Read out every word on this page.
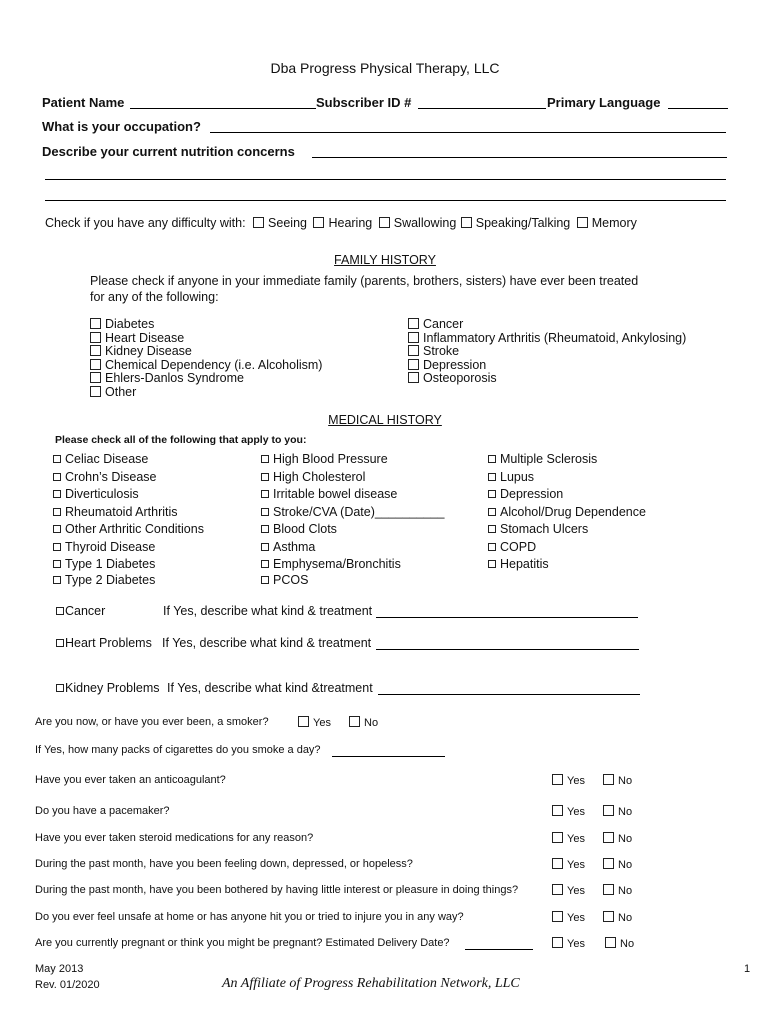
Dba Progress Physical Therapy, LLC
Patient Name	Subscriber ID #	Primary Language
What is your occupation?
Describe your current nutrition concerns
Check if you have any difficulty with: Seeing Hearing Swallowing Speaking/Talking Memory
FAMILY HISTORY
Please check if anyone in your immediate family (parents, brothers, sisters) have ever been treated
for any of the following:
Diabetes
Heart Disease
Kidney Disease
Chemical Dependency (i.e. Alcoholism)
Ehlers-Danlos Syndrome
Other
Cancer
Inflammatory Arthritis (Rheumatoid, Ankylosing)
Stroke
Depression
Osteoporosis
MEDICAL HISTORY
Please check all of the following that apply to you:
Celiac Disease
Crohn’s Disease
Diverticulosis
Rheumatoid Arthritis
Other Arthritic Conditions
Thyroid Disease
Type 1 Diabetes
Type 2 Diabetes
High Blood Pressure
High Cholesterol
Irritable bowel disease
Stroke/CVA (Date)__________
Blood Clots
Asthma
Emphysema/Bronchitis
PCOS
Multiple Sclerosis
Lupus
Depression
Alcohol/Drug Dependence
Stomach Ulcers
COPD
Hepatitis
Cancer	If Yes, describe what kind & treatment
Heart Problems If Yes, describe what kind & treatment
Kidney Problems If Yes, describe what kind &treatment
Are you now, or have you ever been, a smoker?	Yes	No
If Yes, how many packs of cigarettes do you smoke a day?
Have you ever taken an anticoagulant?	Yes	No
Do you have a pacemaker?	Yes	No
Have you ever taken steroid medications for any reason?	Yes	No
During the past month, have you been feeling down, depressed, or hopeless?	Yes	No
During the past month, have you been bothered by having little interest or pleasure in doing things?	Yes	No
Do you ever feel unsafe at home or has anyone hit you or tried to injure you in any way?	Yes	No
Are you currently pregnant or think you might be pregnant? Estimated Delivery Date?	Yes	No
May 2013
Rev. 01/2020	An Affiliate of Progress Rehabilitation Network, LLC
1
